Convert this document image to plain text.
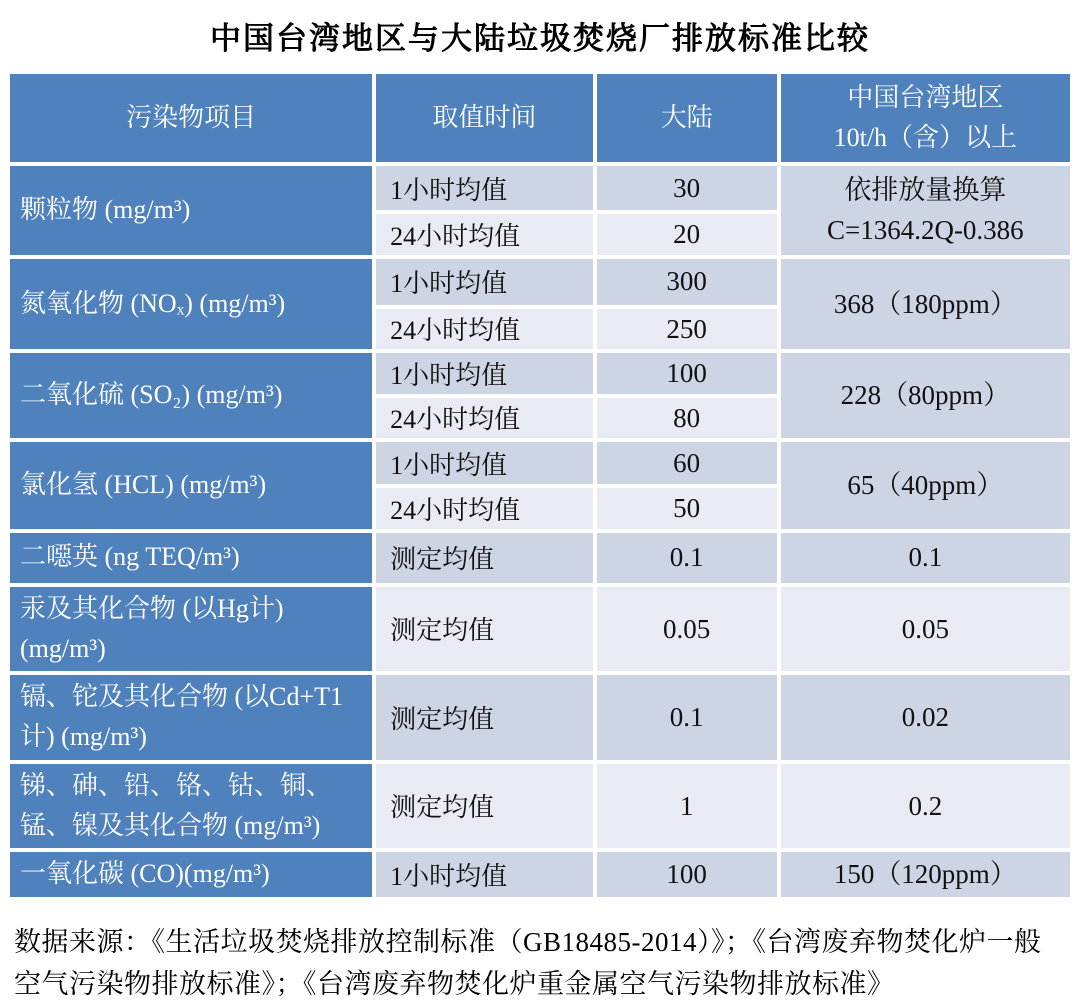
中国台湾地区与大陆垃圾焚烧厂排放标准比较
污染物项目	取值时间	大陆	中国台湾地区
10t/h（含）以上

颗粒物 (mg/m³)	1小时均值	30	依排放量换算
C=1364.2Q-0.386

	24小时均值	20	
氮氧化物 (NOₓ) (mg/m³)	1小时均值	300	368（180ppm）
	24小时均值	250	
二氧化硫 (SO₂) (mg/m³)	1小时均值	100	228（80ppm）
	24小时均值	80	
氯化氢 (HCL) (mg/m³)	1小时均值	60	65（40ppm）
	24小时均值	50	
二噁英 (ng TEQ/m³)	测定均值	0.1	0.1
汞及其化合物 (以Hg计) (mg/m³)	测定均值	0.05	0.05
镉、铊及其化合物 (以Cd+T1计) (mg/m³)	测定均值	0.1	0.02
锑、砷、铅、铬、钴、铜、锰、镍及其化合物 (mg/m³)	测定均值	1	0.2
一氧化碳 (CO)(mg/m³)	1小时均值	100	150（120ppm）
数据来源：《生活垃圾焚烧排放控制标准（GB18485-2014）》；《台湾废弃物焚化炉一般空气污染物排放标准》；《台湾废弃物焚化炉重金属空气污染物排放标准》
